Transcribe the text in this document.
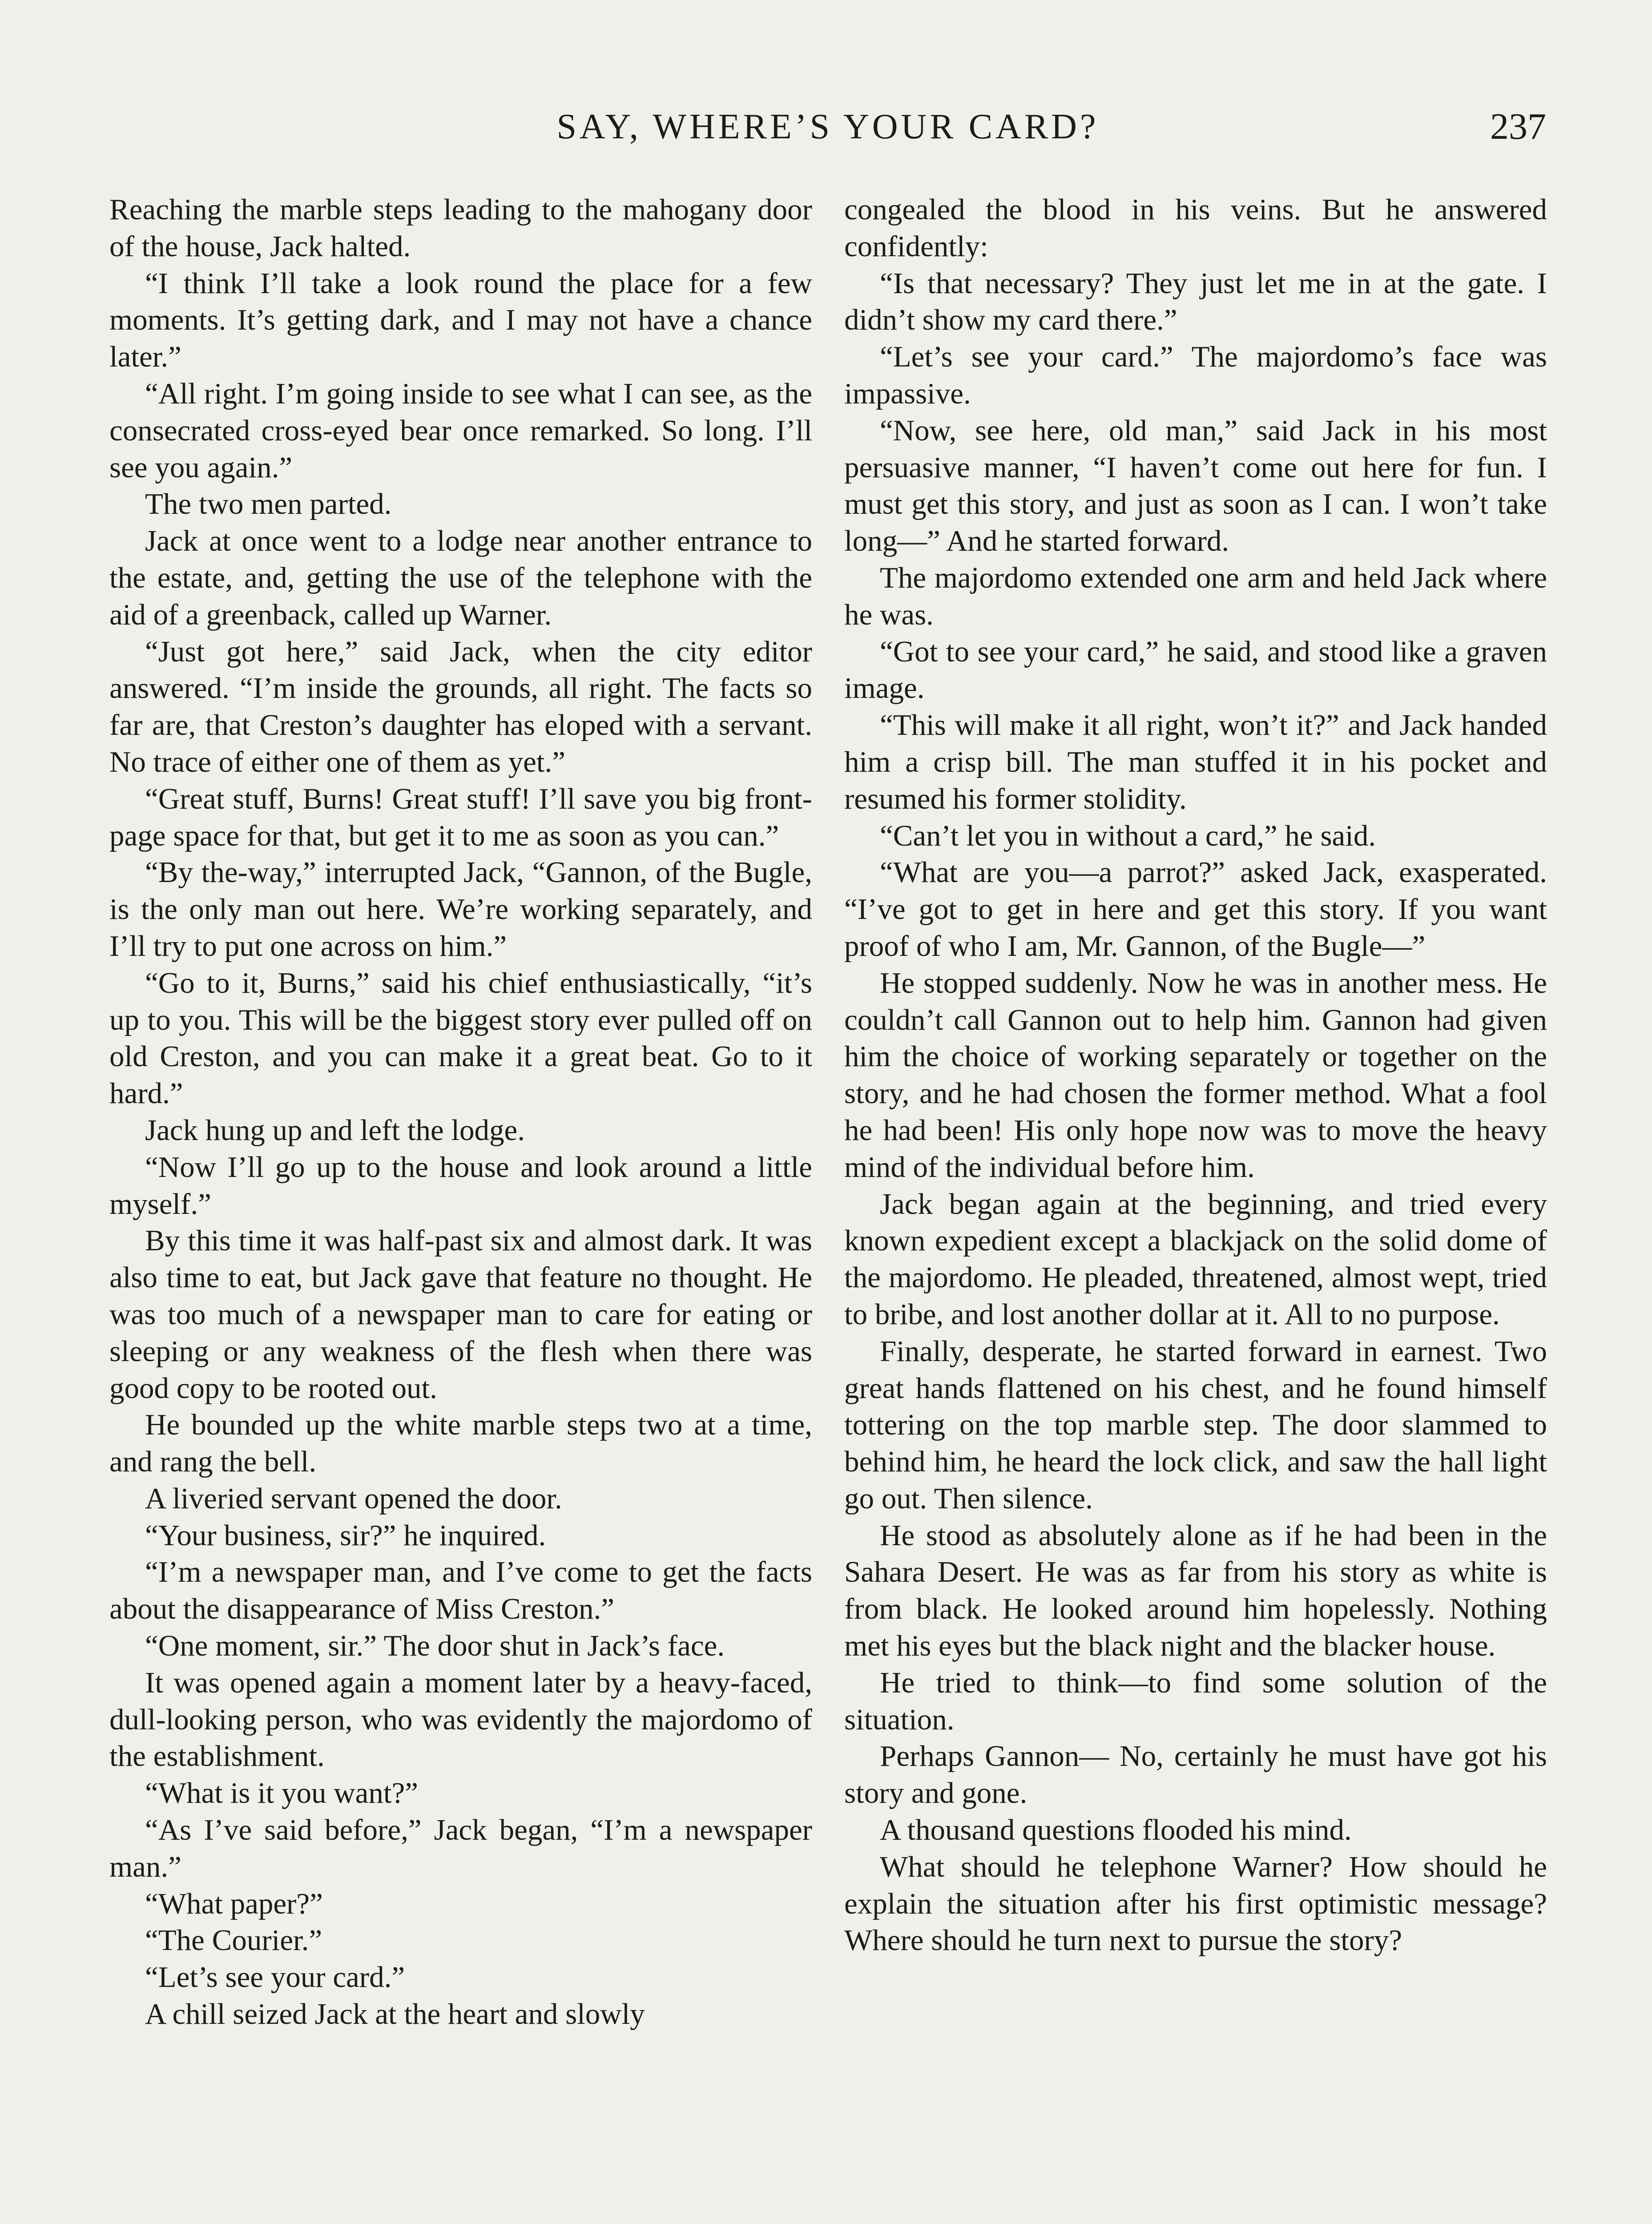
SAY, WHERE’S YOUR CARD?	237

Reaching the marble steps leading to the mahogany door of the house, Jack halted.

“I think I’ll take a look round the place for a few moments. It’s getting dark, and I may not have a chance later.”

“All right. I’m going inside to see what I can see, as the consecrated cross-eyed bear once remarked. So long. I’ll see you again.”

The two men parted.

Jack at once went to a lodge near another entrance to the estate, and, getting the use of the telephone with the aid of a greenback, called up Warner.

“Just got here,” said Jack, when the city editor answered. “I’m inside the grounds, all right. The facts so far are, that Creston’s daughter has eloped with a servant. No trace of either one of them as yet.”

“Great stuff, Burns! Great stuff! I’ll save you big front-page space for that, but get it to me as soon as you can.”

“By the-way,” interrupted Jack, “Gannon, of the Bugle, is the only man out here. We’re working separately, and I’ll try to put one across on him.”

“Go to it, Burns,” said his chief enthusiastically, “it’s up to you. This will be the biggest story ever pulled off on old Creston, and you can make it a great beat. Go to it hard.”

Jack hung up and left the lodge.

“Now I’ll go up to the house and look around a little myself.”

By this time it was half-past six and almost dark. It was also time to eat, but Jack gave that feature no thought. He was too much of a newspaper man to care for eating or sleeping or any weakness of the flesh when there was good copy to be rooted out.

He bounded up the white marble steps two at a time, and rang the bell.

A liveried servant opened the door.

“Your business, sir?” he inquired.

“I’m a newspaper man, and I’ve come to get the facts about the disappearance of Miss Creston.”

“One moment, sir.” The door shut in Jack’s face.

It was opened again a moment later by a heavy-faced, dull-looking person, who was evidently the majordomo of the establishment.

“What is it you want?”

“As I’ve said before,” Jack began, “I’m a newspaper man.”

“What paper?”

“The Courier.”

“Let’s see your card.”

A chill seized Jack at the heart and slowly

congealed the blood in his veins. But he answered confidently:

“Is that necessary? They just let me in at the gate. I didn’t show my card there.”

“Let’s see your card.” The majordomo’s face was impassive.

“Now, see here, old man,” said Jack in his most persuasive manner, “I haven’t come out here for fun. I must get this story, and just as soon as I can. I won’t take long—” And he started forward.

The majordomo extended one arm and held Jack where he was.

“Got to see your card,” he said, and stood like a graven image.

“This will make it all right, won’t it?” and Jack handed him a crisp bill. The man stuffed it in his pocket and resumed his former stolidity.

“Can’t let you in without a card,” he said.

“What are you—a parrot?” asked Jack, exasperated. “I’ve got to get in here and get this story. If you want proof of who I am, Mr. Gannon, of the Bugle—”

He stopped suddenly. Now he was in another mess. He couldn’t call Gannon out to help him. Gannon had given him the choice of working separately or together on the story, and he had chosen the former method. What a fool he had been! His only hope now was to move the heavy mind of the individual before him.

Jack began again at the beginning, and tried every known expedient except a blackjack on the solid dome of the majordomo. He pleaded, threatened, almost wept, tried to bribe, and lost another dollar at it. All to no purpose.

Finally, desperate, he started forward in earnest. Two great hands flattened on his chest, and he found himself tottering on the top marble step. The door slammed to behind him, he heard the lock click, and saw the hall light go out. Then silence.

He stood as absolutely alone as if he had been in the Sahara Desert. He was as far from his story as white is from black. He looked around him hopelessly. Nothing met his eyes but the black night and the blacker house.

He tried to think—to find some solution of the situation.

Perhaps Gannon— No, certainly he must have got his story and gone.

A thousand questions flooded his mind.

What should he telephone Warner? How should he explain the situation after his first optimistic message? Where should he turn next to pursue the story?
